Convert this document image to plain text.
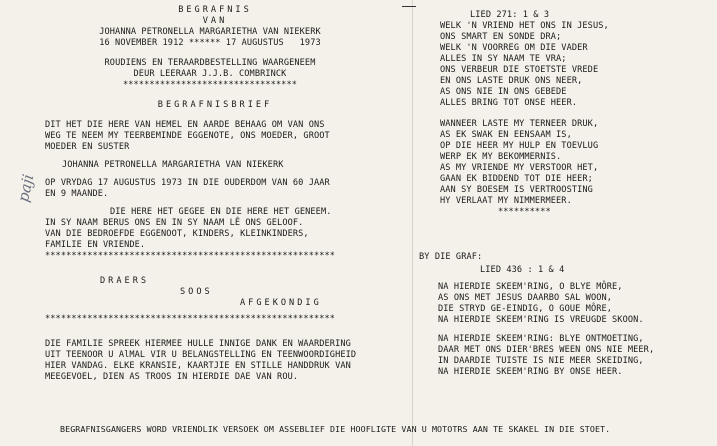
paji
BEGRAFNIS
VAN
JOHANNA PETRONELLA MARGARIETHA VAN NIEKERK
16 NOVEMBER 1912 ****** 17 AUGUSTUS   1973
ROUDIENS EN TERAARDBESTELLING WAARGENEEM
DEUR LEERAAR J.J.B. COMBRINCK
*********************************
BEGRAFNISBRIEF
DIT HET DIE HERE VAN HEMEL EN AARDE BEHAAG OM VAN ONS
WEG TE NEEM MY TEERBEMINDE EGGENOTE, ONS MOEDER, GROOT
MOEDER EN SUSTER
JOHANNA PETRONELLA MARGARIETHA VAN NIEKERK
OP VRYDAG 17 AUGUSTUS 1973 IN DIE OUDERDOM VAN 60 JAAR
EN 9 MAANDE.
DIE HERE HET GEGEE EN DIE HERE HET GENEEM.
IN SY NAAM BERUS ONS EN IN SY NAAM LÊ ONS GELOOF.
VAN DIE BEDROEFDE EGGENOOT, KINDERS, KLEINKINDERS,
FAMILIE EN VRIENDE.
*******************************************************
DRAERS
SOOS
AFGEKONDIG
*******************************************************
DIE FAMILIE SPREEK HIERMEE HULLE INNIGE DANK EN WAARDERING
UIT TEENOOR U AlMAL VIR U BELANGSTELLING EN TEENWOORDIGHEID
HIER VANDAG. ELKE KRANSIE, KAARTJIE EN STILLE HANDDRUK VAN
MEEGEVOEL, DIEN AS TROOS IN HIERDIE DAE VAN ROU.
LIED 271: 1 & 3
WELK 'N VRIEND HET ONS IN JESUS,
ONS SMART EN SONDE DRA;
WELK 'N VOORREG OM DIE VADER
ALLES IN SY NAAM TE VRA;
ONS VERBEUR DIE STOETSTE VREDE
EN ONS LASTE DRUK ONS NEER,
AS ONS NIE IN ONS GEBEDE
ALLES BRING TOT ONSE HEER.
WANNEER LASTE MY TERNEER DRUK,
AS EK SWAK EN EENSAAM IS,
OP DIE HEER MY HULP EN TOEVLUG
WERP EK MY BEKOMMERNIS.
AS MY VRIENDE MY VERSTOOR HET,
GAAN EK BIDDEND TOT DIE HEER;
AAN SY BOESEM IS VERTROOSTING
HY VERLAAT MY NIMMERMEER.
**********
BY DIE GRAF:
LIED 436 : 1 & 4
NA HIERDIE SKEEM'RING, O BLYE MÔRE,
AS ONS MET JESUS DAARBO SAL WOON,
DIE STRYD GE-EINDIG, O GOUE MÔRE,
NA HIERDIE SKEEM'RING IS VREUGDE SKOON.
NA HIERDIE SKEEM'RING: BLYE ONTMOETING,
DAAR MET ONS DIER'BRES WEEN ONS NIE MEER,
IN DAARDIE TUISTE IS NIE MEER SKEIDING,
NA HIERDIE SKEEM'RING BY ONSE HEER.
BEGRAFNISGANGERS WORD VRIENDLIK VERSOEK OM ASSEBLIEF DIE HOOFLIGTE VAN U MOTOTRS AAN TE SKAKEL IN DIE STOET.
